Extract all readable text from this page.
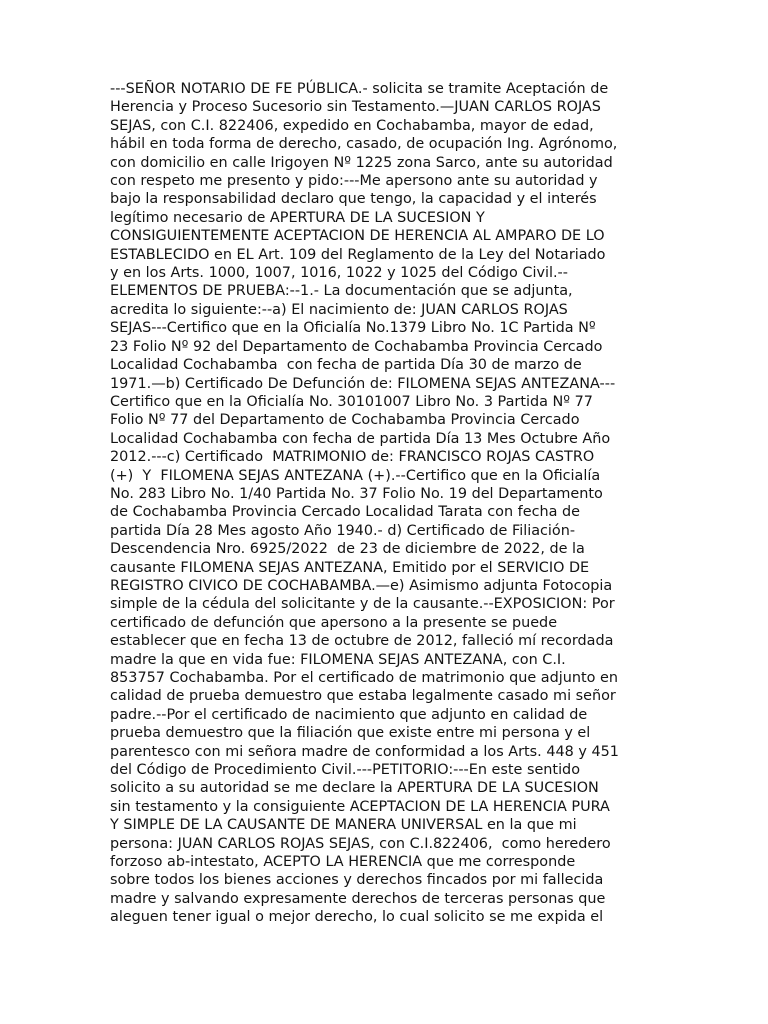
---SEÑOR NOTARIO DE FE PÚBLICA.- solicita se tramite Aceptación de
Herencia y Proceso Sucesorio sin Testamento.—JUAN CARLOS ROJAS
SEJAS, con C.I. 822406, expedido en Cochabamba, mayor de edad,
hábil en toda forma de derecho, casado, de ocupación Ing. Agrónomo,
con domicilio en calle Irigoyen Nº 1225 zona Sarco, ante su autoridad
con respeto me presento y pido:---Me apersono ante su autoridad y
bajo la responsabilidad declaro que tengo, la capacidad y el interés
legítimo necesario de APERTURA DE LA SUCESION Y
CONSIGUIENTEMENTE ACEPTACION DE HERENCIA AL AMPARO DE LO
ESTABLECIDO en EL Art. 109 del Reglamento de la Ley del Notariado
y en los Arts. 1000, 1007, 1016, 1022 y 1025 del Código Civil.--
ELEMENTOS DE PRUEBA:--1.- La documentación que se adjunta,
acredita lo siguiente:--a) El nacimiento de: JUAN CARLOS ROJAS
SEJAS---Certifico que en la Oficialía No.1379 Libro No. 1C Partida Nº
23 Folio Nº 92 del Departamento de Cochabamba Provincia Cercado
Localidad Cochabamba  con fecha de partida Día 30 de marzo de
1971.—b) Certificado De Defunción de: FILOMENA SEJAS ANTEZANA---
Certifico que en la Oficialía No. 30101007 Libro No. 3 Partida Nº 77
Folio Nº 77 del Departamento de Cochabamba Provincia Cercado
Localidad Cochabamba con fecha de partida Día 13 Mes Octubre Año
2012.---c) Certificado  MATRIMONIO de: FRANCISCO ROJAS CASTRO
(+)  Y  FILOMENA SEJAS ANTEZANA (+).--Certifico que en la Oficialía
No. 283 Libro No. 1/40 Partida No. 37 Folio No. 19 del Departamento
de Cochabamba Provincia Cercado Localidad Tarata con fecha de
partida Día 28 Mes agosto Año 1940.- d) Certificado de Filiación-
Descendencia Nro. 6925/2022  de 23 de diciembre de 2022, de la
causante FILOMENA SEJAS ANTEZANA, Emitido por el SERVICIO DE
REGISTRO CIVICO DE COCHABAMBA.—e) Asimismo adjunta Fotocopia
simple de la cédula del solicitante y de la causante.--EXPOSICION: Por
certificado de defunción que apersono a la presente se puede
establecer que en fecha 13 de octubre de 2012, falleció mí recordada
madre la que en vida fue: FILOMENA SEJAS ANTEZANA, con C.I.
853757 Cochabamba. Por el certificado de matrimonio que adjunto en
calidad de prueba demuestro que estaba legalmente casado mi señor
padre.--Por el certificado de nacimiento que adjunto en calidad de
prueba demuestro que la filiación que existe entre mi persona y el
parentesco con mi señora madre de conformidad a los Arts. 448 y 451
del Código de Procedimiento Civil.---PETITORIO:---En este sentido
solicito a su autoridad se me declare la APERTURA DE LA SUCESION
sin testamento y la consiguiente ACEPTACION DE LA HERENCIA PURA
Y SIMPLE DE LA CAUSANTE DE MANERA UNIVERSAL en la que mi
persona: JUAN CARLOS ROJAS SEJAS, con C.I.822406,  como heredero
forzoso ab-intestato, ACEPTO LA HERENCIA que me corresponde
sobre todos los bienes acciones y derechos fincados por mi fallecida
madre y salvando expresamente derechos de terceras personas que
aleguen tener igual o mejor derecho, lo cual solicito se me expida el
